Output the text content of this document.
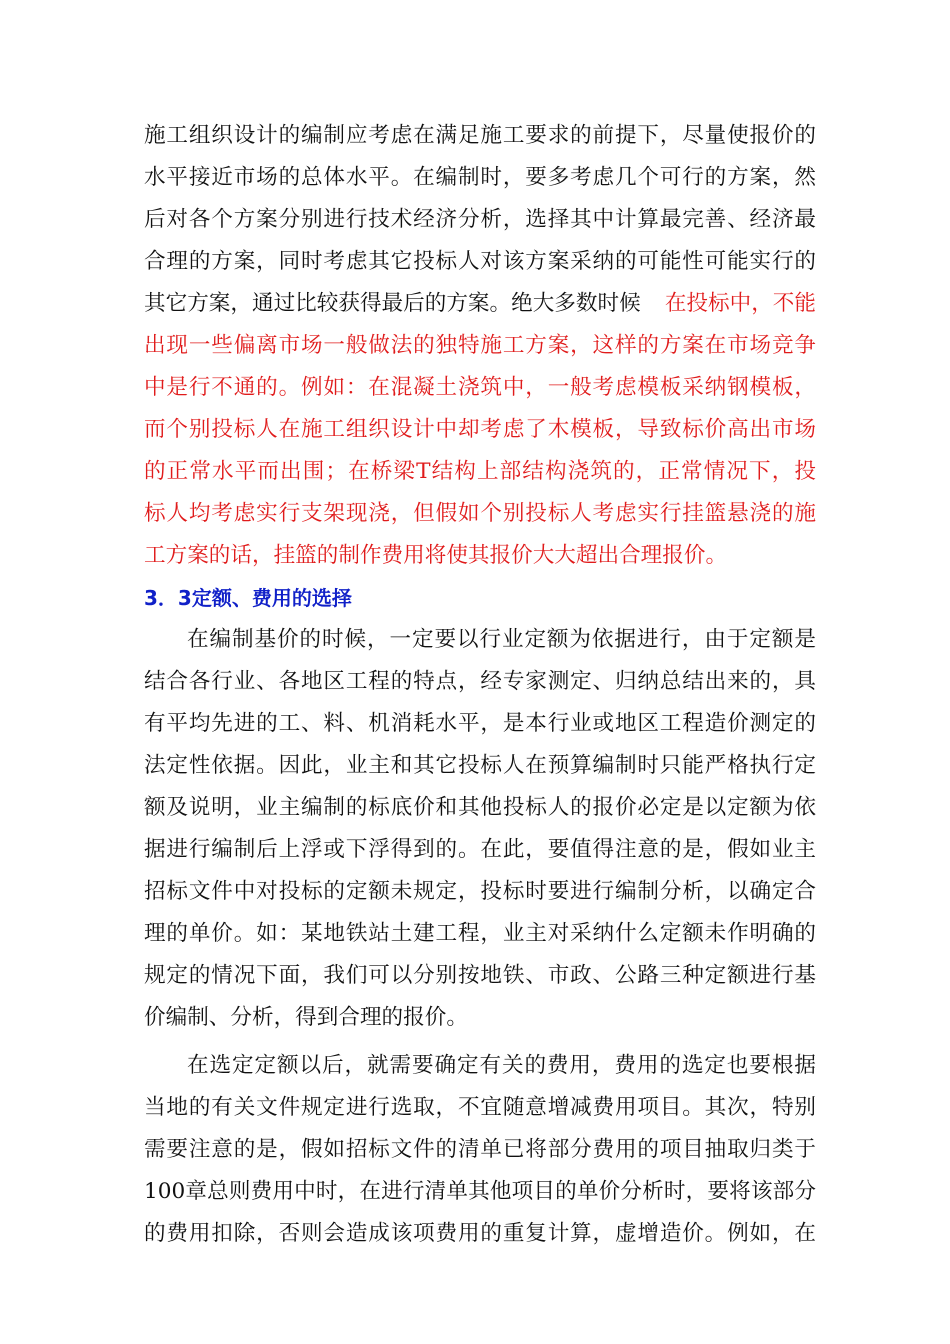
施工组织设计的编制应考虑在满足施工要求的前提下，尽量使报价的
水平接近市场的总体水平。在编制时，要多考虑几个可行的方案，然
后对各个方案分别进行技术经济分析，选择其中计算最完善、经济最
合理的方案，同时考虑其它投标人对该方案采纳的可能性可能实行的
其它方案，通过比较获得最后的方案。绝大多数时候 在投标中，不能
出现一些偏离市场一般做法的独特施工方案，这样的方案在市场竞争
中是行不通的。例如：在混凝土浇筑中，一般考虑模板采纳钢模板，
而个别投标人在施工组织设计中却考虑了木模板，导致标价高出市场
的正常水平而出围；在桥梁T结构上部结构浇筑的，正常情况下，投
标人均考虑实行支架现浇，但假如个别投标人考虑实行挂篮悬浇的施
工方案的话，挂篮的制作费用将使其报价大大超出合理报价。
3．3定额、费用的选择
在编制基价的时候，一定要以行业定额为依据进行，由于定额是
结合各行业、各地区工程的特点，经专家测定、归纳总结出来的，具
有平均先进的工、料、机消耗水平，是本行业或地区工程造价测定的
法定性依据。因此，业主和其它投标人在预算编制时只能严格执行定
额及说明，业主编制的标底价和其他投标人的报价必定是以定额为依
据进行编制后上浮或下浮得到的。在此，要值得注意的是，假如业主
招标文件中对投标的定额未规定，投标时要进行编制分析，以确定合
理的单价。如：某地铁站土建工程，业主对采纳什么定额未作明确的
规定的情况下面，我们可以分别按地铁、市政、公路三种定额进行基
价编制、分析，得到合理的报价。
在选定定额以后，就需要确定有关的费用，费用的选定也要根据
当地的有关文件规定进行选取，不宜随意增减费用项目。其次，特别
需要注意的是，假如招标文件的清单已将部分费用的项目抽取归类于
100章总则费用中时，在进行清单其他项目的单价分析时，要将该部分
的费用扣除，否则会造成该项费用的重复计算，虚增造价。例如，在
